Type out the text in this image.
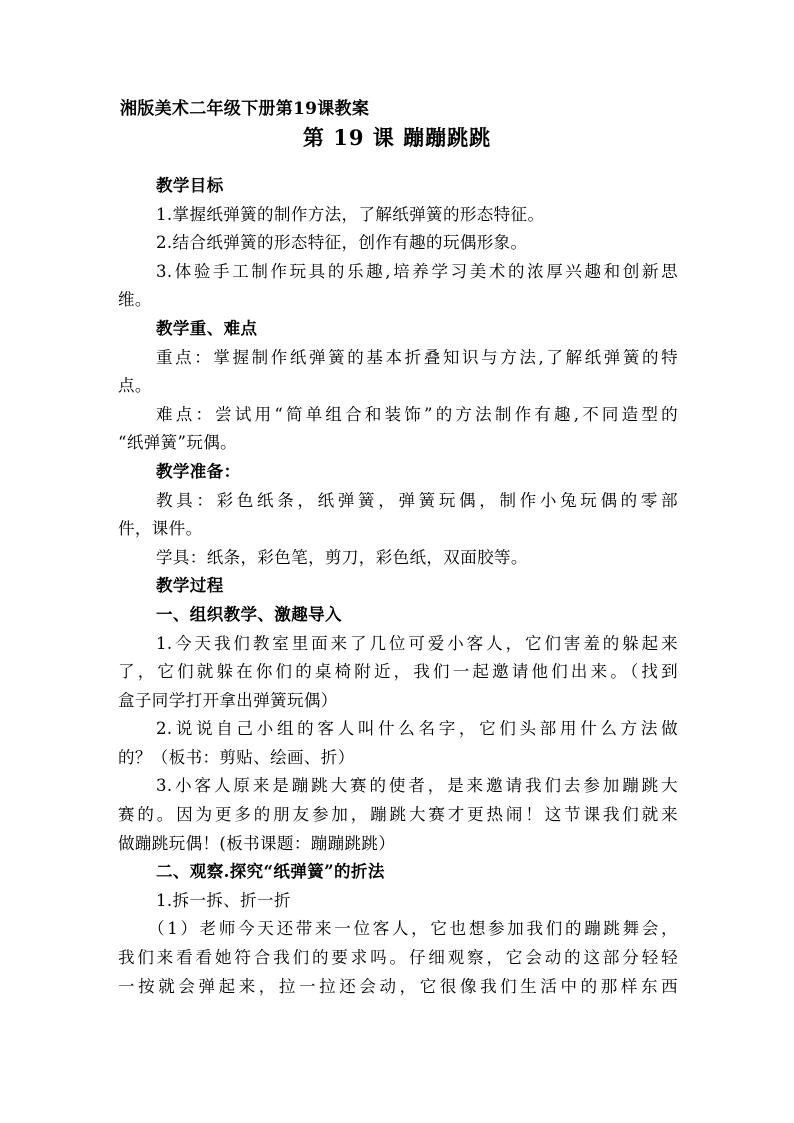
湘版美术二年级下册第19课教案
第 19 课 蹦蹦跳跳

教学目标

1.掌握纸弹簧的制作方法，了解纸弹簧的形态特征。

2.结合纸弹簧的形态特征，创作有趣的玩偶形象。

3.体验手工制作玩具的乐趣,培养学习美术的浓厚兴趣和创新思

维。

教学重、难点

重点：掌握制作纸弹簧的基本折叠知识与方法,了解纸弹簧的特

点。

难点：尝试用“简单组合和装饰”的方法制作有趣,不同造型的

“纸弹簧”玩偶。

教学准备：

教具：彩色纸条，纸弹簧，弹簧玩偶，制作小兔玩偶的零部

件，课件。

学具：纸条，彩色笔，剪刀，彩色纸，双面胶等。

教学过程

一、组织教学、激趣导入

1.今天我们教室里面来了几位可爱小客人，它们害羞的躲起来

了，它们就躲在你们的桌椅附近，我们一起邀请他们出来。（找到

盒子同学打开拿出弹簧玩偶）

2.说说自己小组的客人叫什么名字，它们头部用什么方法做

的？（板书：剪贴、绘画、折）

3.小客人原来是蹦跳大赛的使者，是来邀请我们去参加蹦跳大

赛的。因为更多的朋友参加，蹦跳大赛才更热闹！这节课我们就来

做蹦跳玩偶！(板书课题：蹦蹦跳跳）

二、观察.探究“纸弹簧”的折法

1.拆一拆、折一折

（1）老师今天还带来一位客人，它也想参加我们的蹦跳舞会，

我们来看看她符合我们的要求吗。仔细观察，它会动的这部分轻轻

一按就会弹起来，拉一拉还会动，它很像我们生活中的那样东西
